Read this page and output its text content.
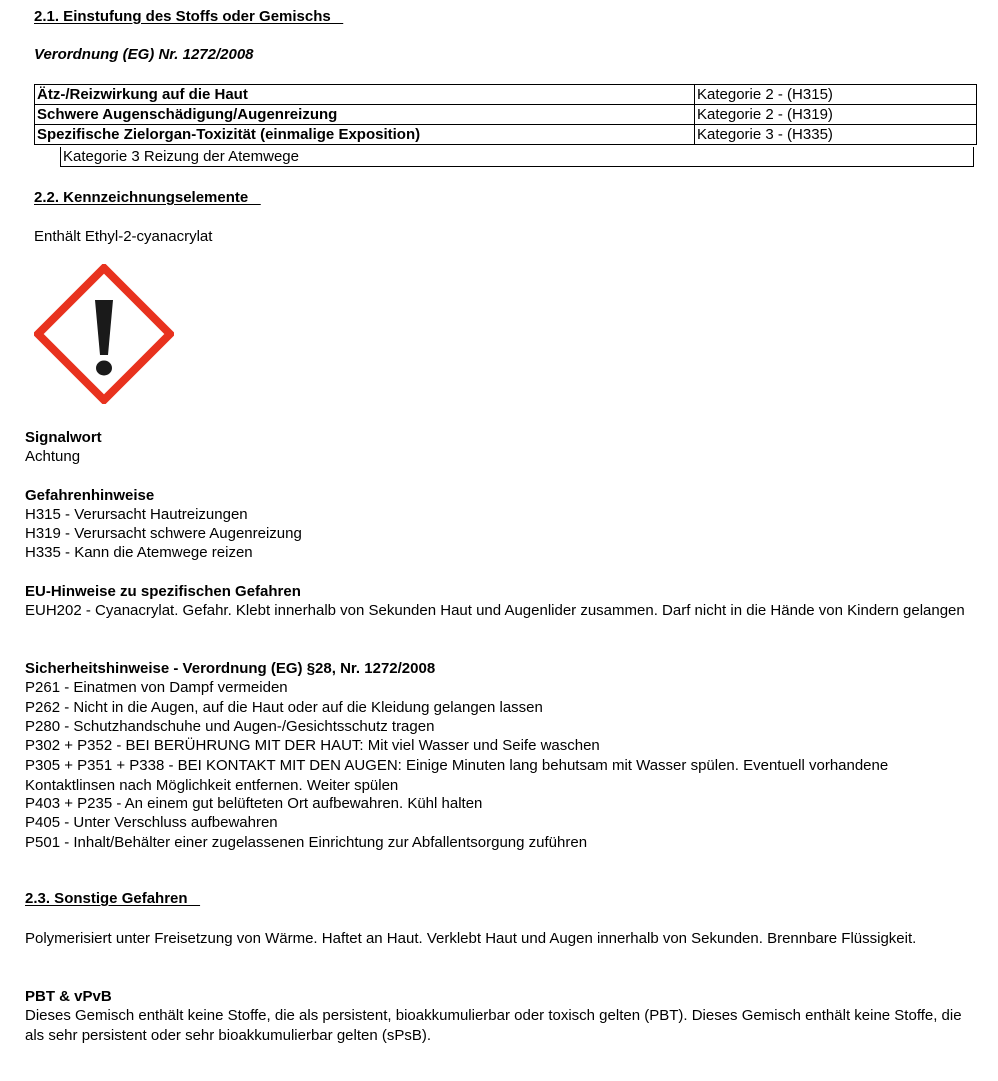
2.1. Einstufung des Stoffs oder Gemischs
Verordnung (EG) Nr. 1272/2008
Ätz-/Reizwirkung auf die Haut	Kategorie 2 - (H315)
Schwere Augenschädigung/Augenreizung	Kategorie 2 - (H319)
Spezifische Zielorgan-Toxizität (einmalige Exposition)	Kategorie 3 - (H335)
Kategorie 3 Reizung der Atemwege
2.2. Kennzeichnungselemente
Enthält Ethyl-2-cyanacrylat
Signalwort
Achtung
Gefahrenhinweise
H315 - Verursacht Hautreizungen
H319 - Verursacht schwere Augenreizung
H335 - Kann die Atemwege reizen
EU-Hinweise zu spezifischen Gefahren
EUH202 - Cyanacrylat. Gefahr. Klebt innerhalb von Sekunden Haut und Augenlider zusammen. Darf nicht in die Hände von Kindern gelangen
Sicherheitshinweise - Verordnung (EG) §28, Nr. 1272/2008
P261 - Einatmen von Dampf vermeiden
P262 - Nicht in die Augen, auf die Haut oder auf die Kleidung gelangen lassen
P280 - Schutzhandschuhe und Augen-/Gesichtsschutz tragen
P302 + P352 - BEI BERÜHRUNG MIT DER HAUT: Mit viel Wasser und Seife waschen
P305 + P351 + P338 - BEI KONTAKT MIT DEN AUGEN: Einige Minuten lang behutsam mit Wasser spülen. Eventuell vorhandene Kontaktlinsen nach Möglichkeit entfernen. Weiter spülen
P403 + P235 - An einem gut belüfteten Ort aufbewahren. Kühl halten
P405 - Unter Verschluss aufbewahren
P501 - Inhalt/Behälter einer zugelassenen Einrichtung zur Abfallentsorgung zuführen
2.3. Sonstige Gefahren
Polymerisiert unter Freisetzung von Wärme. Haftet an Haut. Verklebt Haut und Augen innerhalb von Sekunden. Brennbare Flüssigkeit.
PBT & vPvB
Dieses Gemisch enthält keine Stoffe, die als persistent, bioakkumulierbar oder toxisch gelten (PBT). Dieses Gemisch enthält keine Stoffe, die als sehr persistent oder sehr bioakkumulierbar gelten (sPsB).
